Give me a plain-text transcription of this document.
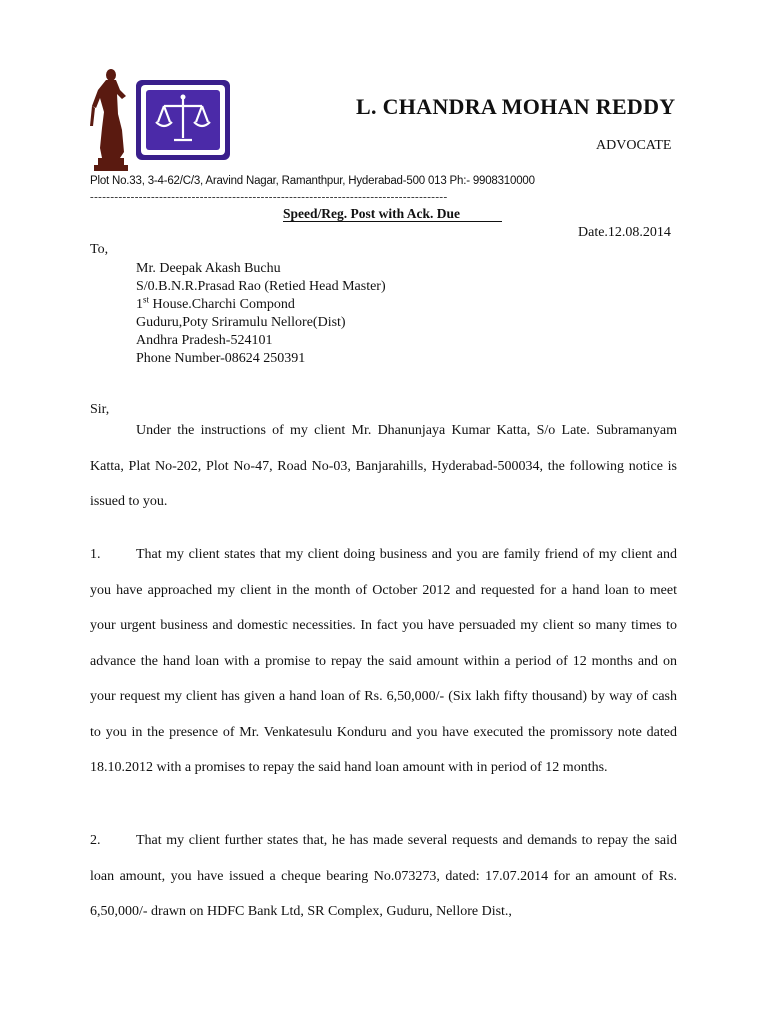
L. CHANDRA MOHAN REDDY
ADVOCATE
Plot No.33, 3-4-62/C/3, Aravind Nagar, Ramanthpur, Hyderabad-500 013 Ph:- 9908310000
----------------------------------------------------------------------------------------
Speed/Reg. Post with Ack. Due
Date.12.08.2014
To,
Mr. Deepak Akash Buchu
S/0.B.N.R.Prasad Rao (Retied Head Master)
1st House.Charchi Compond
Guduru,Poty Sriramulu Nellore(Dist)
Andhra Pradesh-524101
Phone Number-08624 250391
Sir,
Under the instructions of my client Mr. Dhanunjaya Kumar Katta, S/o Late. Subramanyam Katta, Plat No-202, Plot No-47, Road No-03, Banjarahills, Hyderabad-500034, the following notice is issued to you.
1.	That my client states that my client doing business and you are family friend of my client and you have approached my client in the month of October 2012 and requested for a hand loan to meet your urgent business and domestic necessities. In fact you have persuaded my client so many times to advance the hand loan with a promise to repay the said amount within a period of 12 months and on your request my client has given a hand loan of Rs. 6,50,000/- (Six lakh fifty thousand) by way of cash to you in the presence of Mr. Venkatesulu Konduru and you have executed the promissory note dated 18.10.2012 with a promises to repay the said hand loan amount with in period of 12 months.
2.	That my client further states that, he has made several requests and demands to repay the said loan amount, you have issued a cheque bearing No.073273, dated: 17.07.2014 for an amount of Rs. 6,50,000/- drawn on HDFC Bank Ltd, SR Complex, Guduru, Nellore Dist.,
